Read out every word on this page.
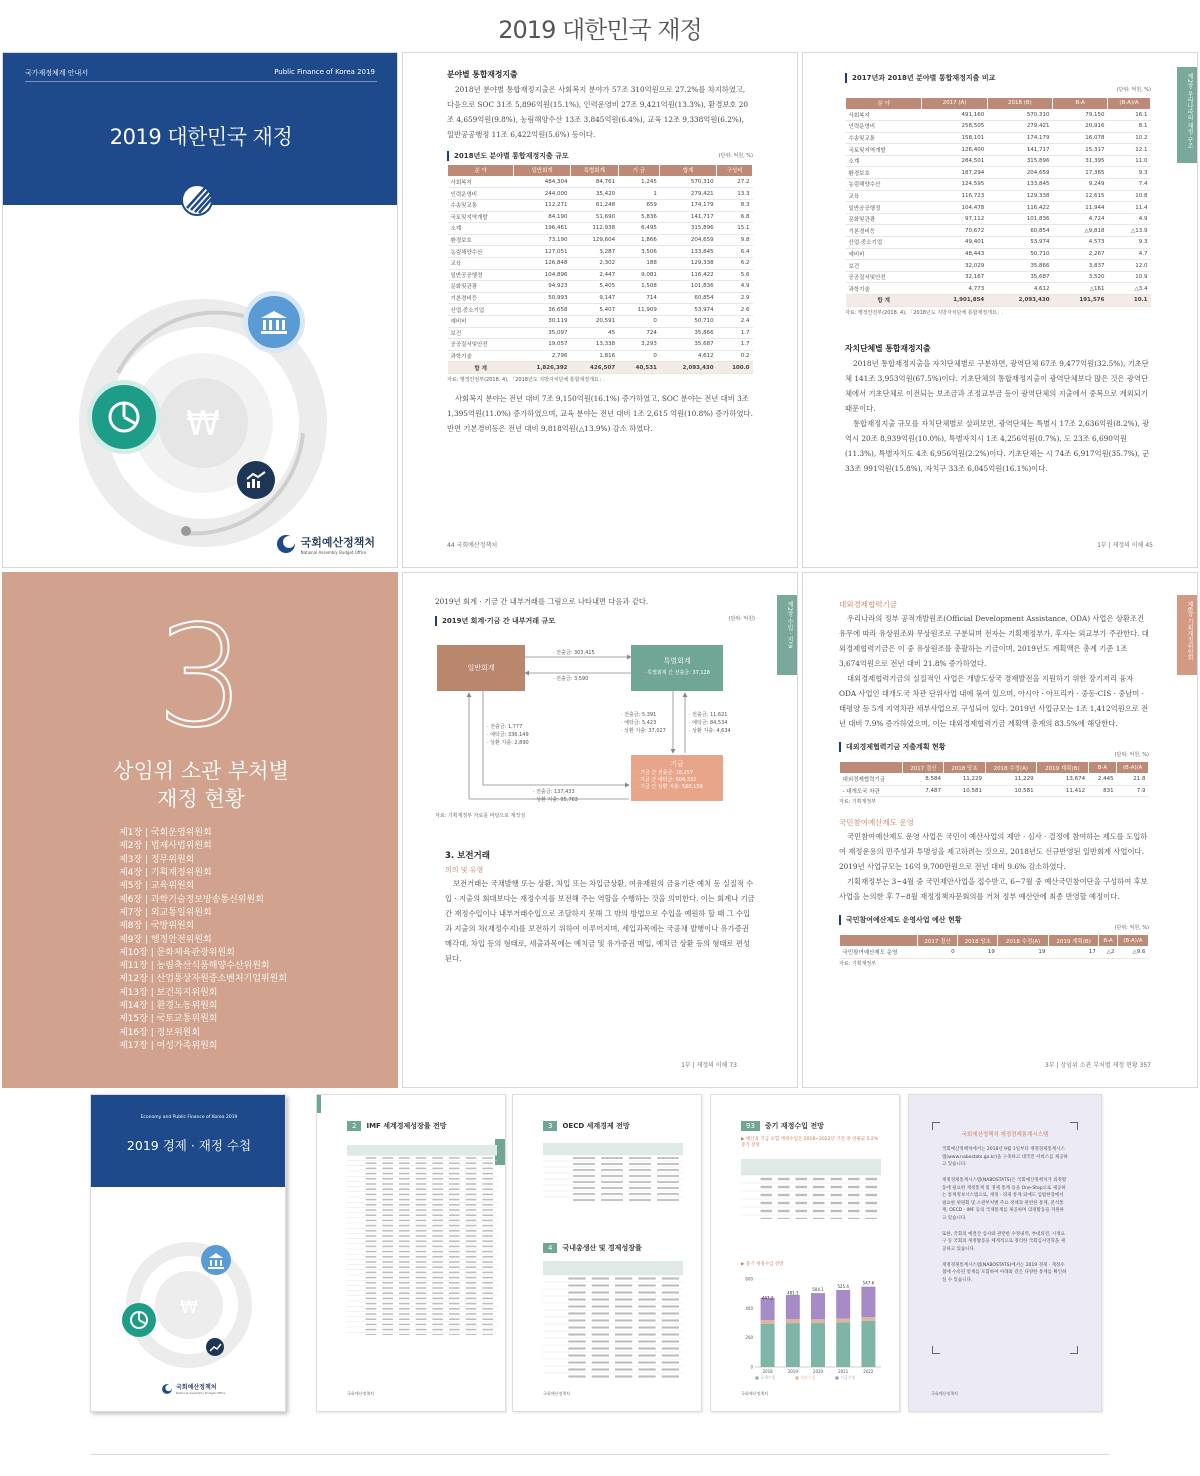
2019 대한민국 재정
국가재정체계 안내서	Public Finance of Korea 2019
2019 대한민국 재정
₩
국회예산정책처
National Assembly Budget Office
분야별 통합재정지출
2018년 분야별 통합재정지출은 사회복지 분야가 57조 310억원으로 27.2%를 차지하였고, 다음으로 SOC 31조 5,896억원(15.1%), 인력운영비 27조 9,421억원(13.3%), 환경보호 20조 4,659억원(9.8%), 농림해양수산 13조 3,845억원(6.4%), 교육 12조 9,338억원(6.2%), 일반공공행정 11조 6,422억원(5.6%) 등이다.
2018년도 분야별 통합재정지출 규모	(단위: 억원, %)
분 야	일반회계	특별회계	기 금	합계	구성비
사회복지	484,304	84,761	1,245	570,310	27.2
인력운영비	244,000	35,420	1	279,421	13.3
수송및교통	112,271	61,248	659	174,179	8.3
국토및지역개발	84,190	51,690	5,836	141,717	6.8
소계	196,461	112,938	6,495	315,896	15.1
환경보호	73,190	129,604	1,866	204,659	9.8
농림해양수산	127,051	3,287	3,506	133,845	6.4
교육	126,848	2,302	188	129,338	6.2
일반공공행정	104,896	2,447	9,081	116,422	5.6
문화및관광	94,923	5,405	1,508	101,836	4.9
기본경비등	50,993	9,147	714	60,854	2.9
산업·중소기업	36,658	5,407	11,909	53,974	2.6
예비비	30,119	20,591	0	50,710	2.4
보건	35,097	45	724	35,866	1.7
공공질서및안전	19,057	13,338	3,293	35,687	1.7
과학기술	2,796	1,816	0	4,612	0.2
합 계	1,826,392	426,507	40,531	2,093,430	100.0
자료: 행정안전부(2018. 4), 「2018년도 지방자치단체 통합재정개요」.
사회복지 분야는 전년 대비 7조 9,150억원(16.1%) 증가하였고, SOC 분야는 전년 대비 3조 1,395억원(11.0%) 증가하였으며, 교육 분야는 전년 대비 1조 2,615 억원(10.8%) 증가하였다. 반면 기본경비등은 전년 대비 9,818억원(△13.9%) 감소 하였다.
44 국회예산정책처
제2장 우리나라의 재정 구조
2017년과 2018년 분야별 통합재정지출 비교
(단위: 억원, %)
분 야	2017 (A)	2018 (B)	B-A	(B-A)/A
사회복지	491,160	570,310	79,150	16.1
인력운영비	258,505	279,421	20,916	8.1
수송및교통	158,101	174,179	16,078	10.2
국토및지역개발	126,400	141,717	15,317	12.1
소계	284,501	315,896	31,395	11.0
환경보호	187,294	204,659	17,365	9.3
농림해양수산	124,595	133,845	9,249	7.4
교육	116,723	129,338	12,615	10.8
일반공공행정	104,478	116,422	11,944	11.4
문화및관광	97,112	101,836	4,724	4.9
기본경비등	70,672	60,854	△9,818	△13.9
산업·중소기업	49,401	53,974	4,573	9.3
예비비	48,443	50,710	2,267	4.7
보건	32,029	35,866	3,837	12.0
공공질서및안전	32,167	35,687	3,520	10.9
과학기술	4,773	4,612	△161	△3.4
합 계	1,901,854	2,093,430	191,576	10.1
자료: 행정안전부(2018. 4), 「2018년도 지방자치단체 통합재정개요」.
자치단체별 통합재정지출
2018년 통합재정지출을 자치단체별로 구분하면, 광역단체 67조 9,477억원(32.5%), 기초단체 141조 3,953억원(67.5%)이다. 기초단체의 통합재정지출이 광역단체보다 많은 것은 광역단체에서 기초단체로 이전되는 보조금과 조정교부금 등이 광역단체의 지출에서 중복으로 계외되기 때문이다.
통합재정지출 규모를 자치단체별로 살펴보면, 광역단체는 특별시 17조 2,636억원(8.2%), 광역시 20조 8,939억원(10.0%), 특별자치시 1조 4,256억원(0.7%), 도 23조 6,690억원(11.3%), 특별자치도 4조 6,956억원(2.2%)이다. 기초단체는 시 74조 6,917억원(35.7%), 군 33조 991억원(15.8%), 자치구 33조 6,045억원(16.1%)이다.
1부 | 재정의 이해 45
3
상임위 소관 부처별
재정 현황
제1장 | 국회운영위원회
제2장 | 법제사법위원회
제3장 | 정무위원회
제4장 | 기획재정위원회
제5장 | 교육위원회
제6장 | 과학기술정보방송통신위원회
제7장 | 외교통일위원회
제8장 | 국방위원회
제9장 | 행정안전위원회
제10장 | 문화체육관광위원회
제11장 | 농림축산식품해양수산위원회
제12장 | 산업통상자원중소벤처기업위원회
제13장 | 보건복지위원회
제14장 | 환경노동위원회
제15장 | 국토교통위원회
제16장 | 정보위원회
제17장 | 여성가족위원회
제2장 수입 · 지출
2019년 회계 · 기금 간 내부거래를 그림으로 나타내면 다음과 같다.
2019년 회계·기금 간 내부거래 규모	(단위: 억원)
일반회계
특별회계
· 특별회계 간 전출금: 37,128
기금
· 기금 간 전출금: 18,257
· 기금 간 예탁금: 604,332
· 기금 간 상환 지출: 560,159
· 전출금: 303,415
· 전출금: 3,590
· 전출금: 1,777
· 예탁금: 336,149
· 상환 지출: 2,890
· 전출금: 5,391
· 예탁금: 5,423
· 상환 지출: 37,027
· 전출금: 11,621
· 예탁금: 84,534
· 상환 지출: 4,634
· 전출금: 137,433
· 상환 지출: 95,763
자료: 기획재정부 자료를 바탕으로 재작성
3. 보전거래
의의 및 유형
보전거래는 국채발행 또는 상환, 차입 또는 차입금상환, 여유재원의 금융기관 예치 등 실질적 수입 · 지출의 회대보다는 재정수지를 보전해 주는 역할을 수행하는 것을 의미한다. 이는 회계나 기금 간 재정수입이나 내부거래수입으로 조달하지 못해 그 밖의 방법으로 수입을 예원하 할 때 그 수입과 지출의 차(재정수지)를 보전하기 위하여 이루어지며, 세입과목에는 국공채 발행이나 유가증권 매각대, 차입 등의 형태로, 세출과목에는 예치금 및 유가증권 매입, 예치금 상환 등의 형태로 편성된다.
1부 | 재정의 이해 73
제6장 기획재정위원회
대외경제협력기금
우리나라의 정부 공적개발원조(Official Development Assistance, ODA) 사업은 상환조건 유무에 따라 유상원조와 무상원조로 구분되며 전자는 기획재정부가, 후자는 외교부가 주관한다. 대외경제협력기금은 이 중 유상원조를 총괄하는 기금이며, 2019년도 계획액은 총계 기준 1조 3,674억원으로 전년 대비 21.8% 증가하였다.
대외경제협력기금의 실질적인 사업은 개발도상국 경제발전을 지원하기 위한 장기저리 융자 ODA 사업인 대개도국 차관 단위사업 내에 묶여 있으며, 아시아 · 아프리카 · 중동-CIS · 중남미 · 태평양 등 5개 지역차관 세부사업으로 구성되어 있다. 2019년 사업규모는 1조 1,412억원으로 전년 대비 7.9% 증가하였으며, 이는 대외경제협력기금 계획액 총계의 83.5%에 해당한다.
대외경제협력기금 지출계획 현황
(단위: 억원, %)
	2017 결산	2018 당초	2018 수정(A)	2019 계획(B)	B-A	(B-A)/A
대외경제협력기금	8,584	11,229	11,229	13,674	2,445	21.8
- 대개도국 차관	7,487	10,581	10,581	11,412	831	7.9
자료: 기획재정부
국민참여예산제도 운영
국민참여예산제도 운영 사업은 국민이 예산사업의 제안 · 심사 · 결정에 참여하는 제도를 도입하여 재정운용의 민주성과 투명성을 제고하려는 것으로, 2018년도 신규반영된 일반회계 사업이다. 2019년 사업규모는 16억 9,700만원으로 전년 대비 9.6% 감소하였다.
기획재정부는 3~4월 중 국민제안사업을 접수받고, 6~7월 중 예산국민참여단을 구성하여 후보사업을 논의한 후 7~8월 재정정책자문회의를 거쳐 정부 예산안에 최종 반영할 예정이다.
국민참여예산제도 운영사업 예산 현황
(단위: 억원, %)
	2017 결산	2018 당초	2018 수정(A)	2019 계획(B)	B-A	(B-A)/A
국민참여예산제도 운영	0	19	19	17	△2	△9.6
자료: 기획재정부
3부 | 상임위 소관 부처별 재정 현황 357
Economy and Public Finance of Korea 2019
2019 경제 · 재정 수첩
₩
국회예산정책처
National Assembly Budget Office
2	IMF 세계경제성장률 전망
국회예산정책처
3	OECD 세계경제 전망
4	국내총생산 및 경제성장률
국회예산정책처
93	중기 재정수입 전망
▶ 예산과 기금 포함 재정수입은 2018~2022년 기간 중 연평균 5.2% 증가 전망
▶ 중기 재정수입 전망
447.2
2018
481.3
2019
504.1
2020
525.4
2021
547.6
2022
0
200
400
600
■ 국세수입	■ 세외수입	■ 기금수입
국회예산정책처
국회예산정책처 재정경제통계시스템
국회예산정책처에서는 2018년 9월 1일부터 재정경제통계시스템(www.nabostats.go.kr)을 구축하고 대국민 서비스를 제공하고 있습니다.
재정경제통계시스템(NABOSTATS)은 국회예산정책처가 의정활동에 필요한 재정통계 및 경제 통계 등을 One-Stop으로 제공하는 통계정보시스템으로, 재정 · 경제 통계 외에도 입법현장에서 필요한 위원회 및 소관부처별 주요 정책과 관련한 통계, 분석통계, OECD · IMF 등의 국제통계를 제공하며 의정활동을 지원하고 있습니다.
또한, 국회의 예결산 심사와 관련한 수정내역, 부대의견, 시정요구 등 국회의 재정활동을 체계적으로 정리한 국회심사연혁을 제공하고 있습니다.
재정경제통계시스템(NABOSTATS)에서는 2019 경제 · 재정수첩에 수록된 통계를 포함하여 아래와 같은 다양한 통계를 확인하실 수 있습니다.
국회예산정책처
